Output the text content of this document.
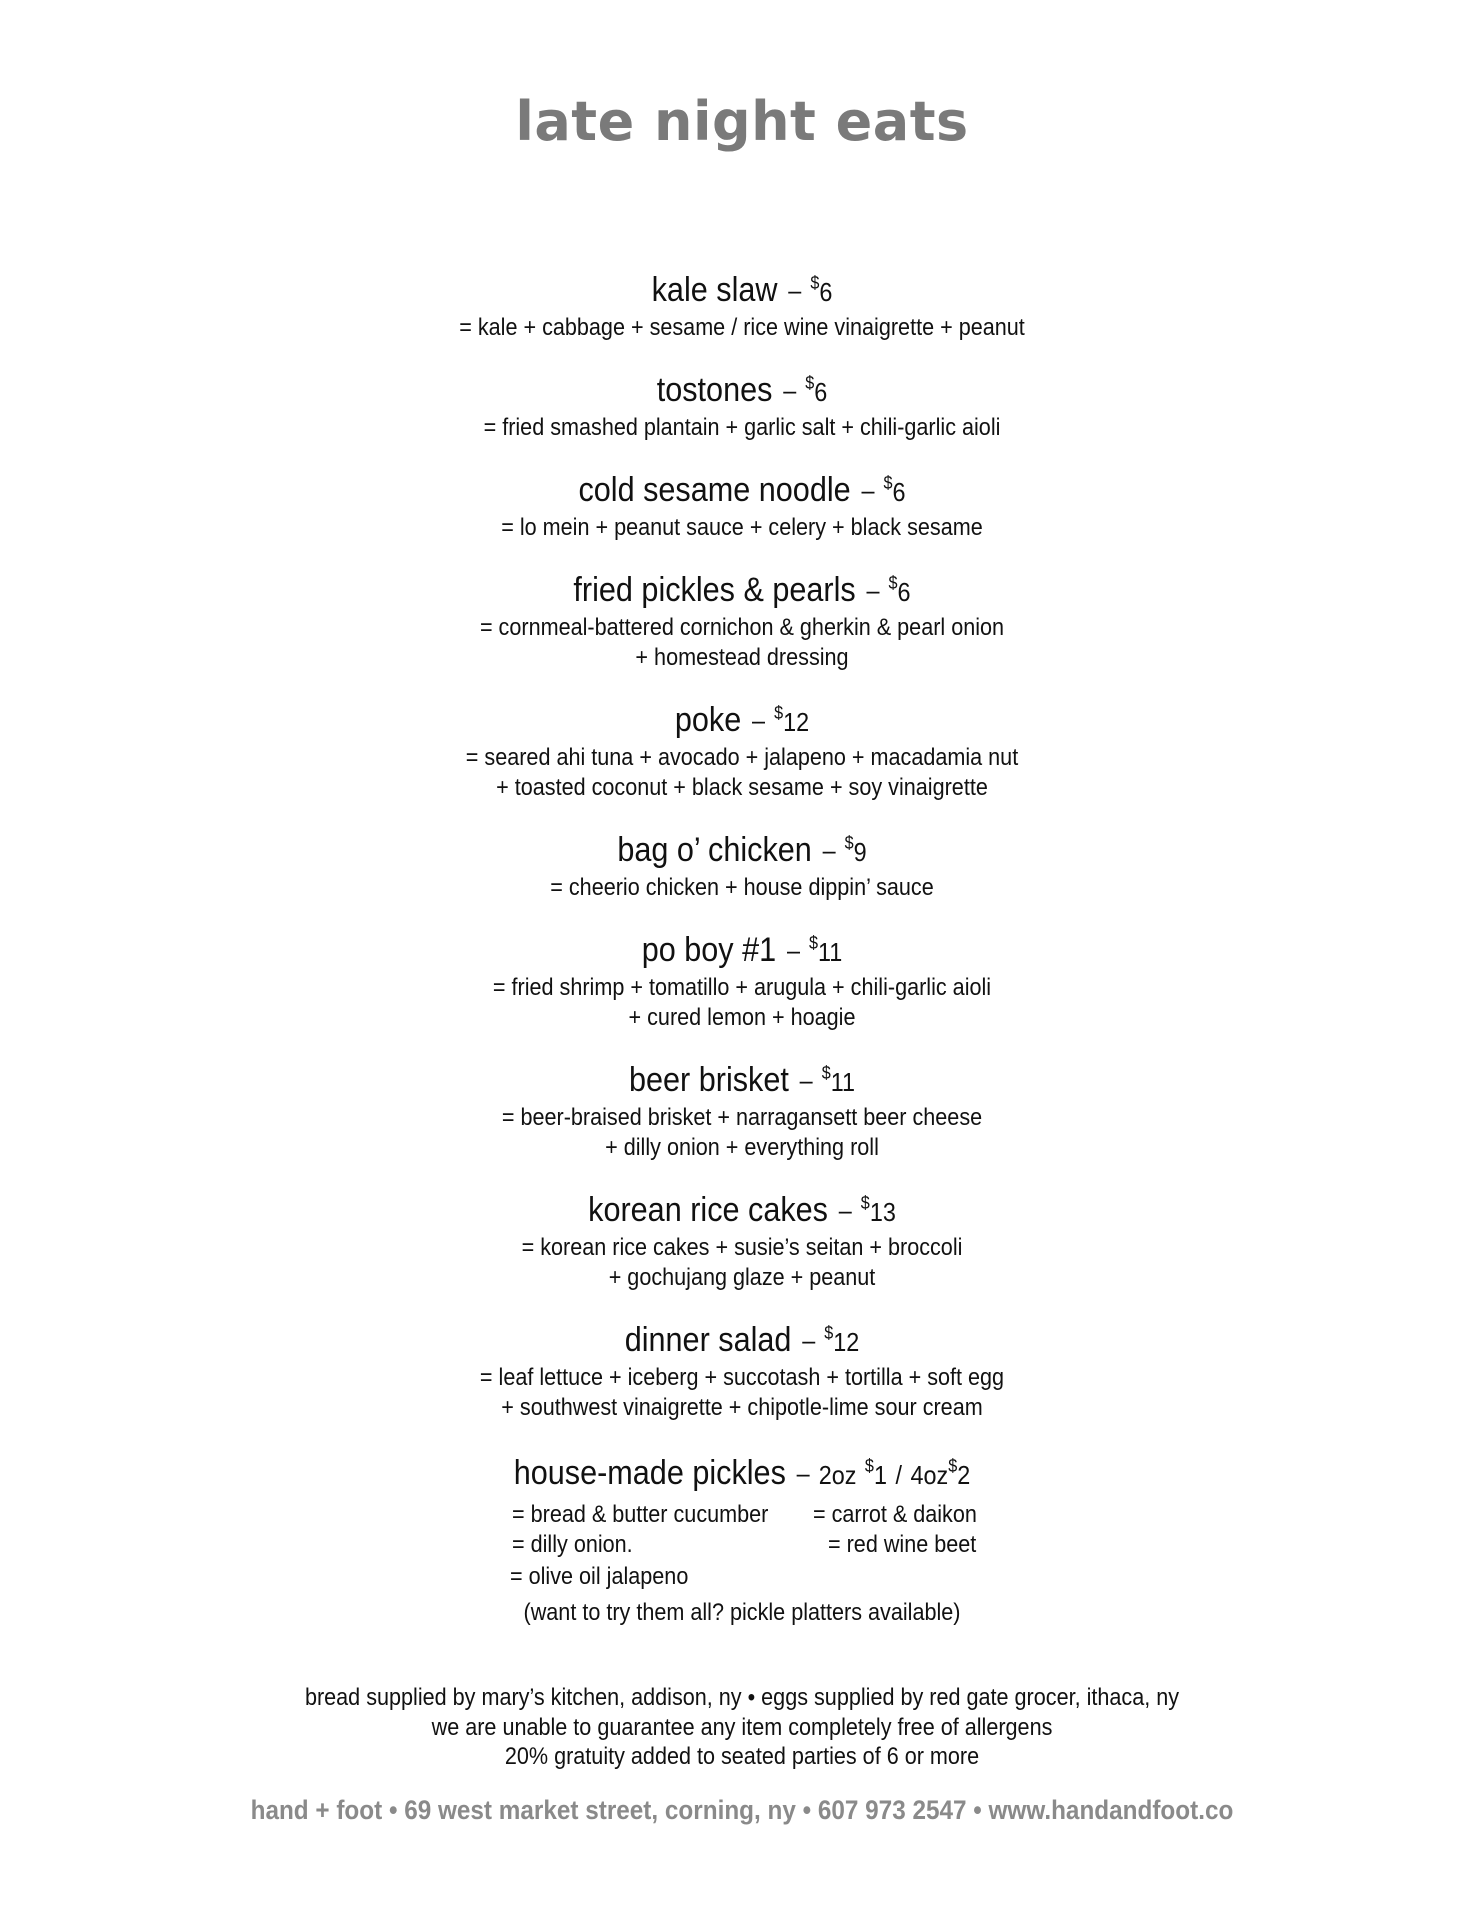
late night eats
kale slaw – $6
= kale + cabbage + sesame / rice wine vinaigrette + peanut
tostones – $6
= fried smashed plantain + garlic salt + chili-garlic aioli
cold sesame noodle – $6
= lo mein + peanut sauce + celery + black sesame
fried pickles & pearls – $6
= cornmeal-battered cornichon & gherkin & pearl onion
+ homestead dressing
poke – $12
= seared ahi tuna + avocado + jalapeno + macadamia nut
+ toasted coconut + black sesame + soy vinaigrette
bag o’ chicken – $9
= cheerio chicken + house dippin’ sauce
po boy #1 – $11
= fried shrimp + tomatillo + arugula + chili-garlic aioli
+ cured lemon + hoagie
beer brisket – $11
= beer-braised brisket + narragansett beer cheese
+ dilly onion + everything roll
korean rice cakes – $13
= korean rice cakes + susie’s seitan + broccoli
+ gochujang glaze + peanut
dinner salad – $12
= leaf lettuce + iceberg + succotash + tortilla + soft egg
+ southwest vinaigrette + chipotle-lime sour cream
house-made pickles – 2oz $1 / 4oz$2
= bread & butter cucumber = carrot & daikon
= dilly onion.	= red wine beet
= olive oil jalapeno
(want to try them all? pickle platters available)
bread supplied by mary’s kitchen, addison, ny • eggs supplied by red gate grocer, ithaca, ny
we are unable to guarantee any item completely free of allergens
20% gratuity added to seated parties of 6 or more
hand + foot • 69 west market street, corning, ny • 607 973 2547 • www.handandfoot.co
